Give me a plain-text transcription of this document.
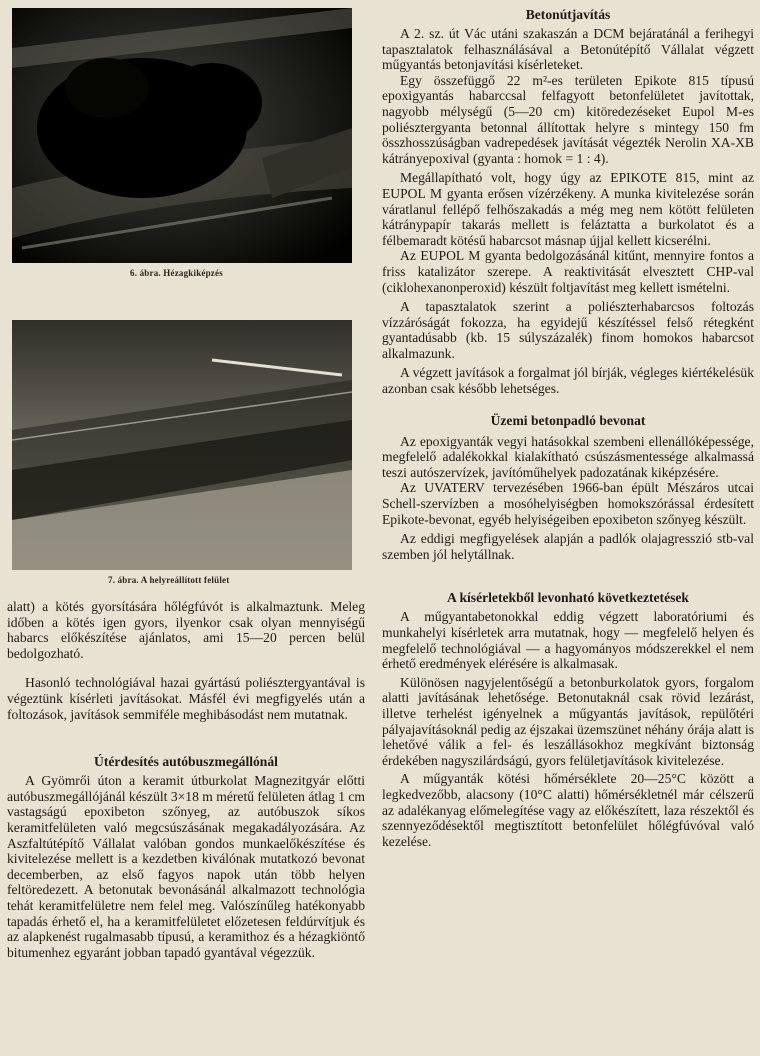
6. ábra. Hézagkiképzés
7. ábra. A helyreállított felület

alatt) a kötés gyorsítására hőlégfúvót is alkalmaztunk. Meleg időben a kötés igen gyors, ilyenkor csak olyan mennyiségű habarcs előkészítése ajánlatos, ami 15—20 percen belül bedolgozható.

Hasonló technológiával hazai gyártású poliésztergyantával is végeztünk kísérleti javításokat. Másfél évi megfigyelés után a foltozások, javítások semmiféle meghibásodást nem mutatnak.

Útérdesítés autóbuszmegállónál

A Gyömrői úton a keramit útburkolat Magnezitgyár előtti autóbuszmegállójánál készült 3×18 m méretű felületen átlag 1 cm vastagságú epoxibeton szőnyeg, az autóbuszok síkos keramitfelületen való megcsúszásának megakadályozására. Az Aszfaltútépítő Vállalat valóban gondos munkaelőkészítése és kivitelezése mellett is a kezdetben kiválónak mutatkozó bevonat decemberben, az első fagyos napok után több helyen feltöredezett. A betonutak bevonásánál alkalmazott technológia tehát keramitfelületre nem felel meg. Valószínűleg hatékonyabb tapadás érhető el, ha a keramitfelületet előzetesen feldúrvítjuk és az alapkenést rugalmasabb típusú, a keramithoz és a hézagkiöntő bitumenhez egyaránt jobban tapadó gyantával végezzük.

Betonútjavítás

A 2. sz. út Vác utáni szakaszán a DCM bejáratánál a ferihegyi tapasztalatok felhasználásával a Betonútépítő Vállalat végzett műgyantás betonjavítási kísérleteket.

Egy összefüggő 22 m²-es területen Epikote 815 típusú epoxigyantás habarccsal felfagyott betonfelületet javítottak, nagyobb mélységű (5—20 cm) kitöredezéseket Eupol M-es poliésztergyanta betonnal állítottak helyre s mintegy 150 fm összhosszúságban vadrepedések javítását végezték Nerolin XA-XB kátrányepoxival (gyanta : homok = 1 : 4).

Megállapítható volt, hogy úgy az EPIKOTE 815, mint az EUPOL M gyanta erősen vízérzékeny. A munka kivitelezése során váratlanul fellépő felhőszakadás a még meg nem kötött felületen kátránypapír takarás mellett is feláztatta a burkolatot és a félbemaradt kötésű habarcsot másnap újjal kellett kicserélni.

Az EUPOL M gyanta bedolgozásánál kitűnt, mennyire fontos a friss katalizátor szerepe. A reaktivitását elvesztett CHP-val (ciklohexanonperoxid) készült foltjavítást meg kellett ismételni.

A tapasztalatok szerint a poliészterhabarcsos foltozás vízzáróságát fokozza, ha egyidejű készítéssel felső rétegként gyantadúsabb (kb. 15 súlyszázalék) finom homokos habarcsot alkalmazunk.

A végzett javítások a forgalmat jól bírják, végleges kiértékelésük azonban csak később lehetséges.

Üzemi betonpadló bevonat

Az epoxigyanták vegyi hatásokkal szembeni ellenállóképessége, megfelelő adalékokkal kialakítható csúszásmentessége alkalmassá teszi autószervízek, javítóműhelyek padozatának kiképzésére.

Az UVATERV tervezésében 1966-ban épült Mészáros utcai Schell-szervízben a mosóhelyiségben homokszórással érdesített Epikote-bevonat, egyéb helyiségeiben epoxibeton szőnyeg készült.

Az eddigi megfigyelések alapján a padlók olajagresszió stb-val szemben jól helytállnak.

A kísérletekből levonható következtetések

A műgyantabetonokkal eddig végzett laboratóriumi és munkahelyi kísérletek arra mutatnak, hogy — megfelelő helyen és megfelelő technológiával — a hagyományos módszerekkel el nem érhető eredmények elérésére is alkalmasak.

Különösen nagyjelentőségű a betonburkolatok gyors, forgalom alatti javításának lehetősége. Betonutaknál csak rövid lezárást, illetve terhelést igényelnek a műgyantás javítások, repülőtéri pályajavításoknál pedig az éjszakai üzemszünet néhány órája alatt is lehetővé válik a fel- és leszállásokhoz megkívánt biztonság érdekében nagyszilárdságú, gyors felületjavítások kivitelezése.

A műgyanták kötési hőmérséklete 20—25°C között a legkedvezőbb, alacsony (10°C alatti) hőmérsékletnél már célszerű az adalékanyag előmelegítése vagy az előkészített, laza részektől és szennyeződésektől megtisztított betonfelület hőlégfúvóval való kezelése.
